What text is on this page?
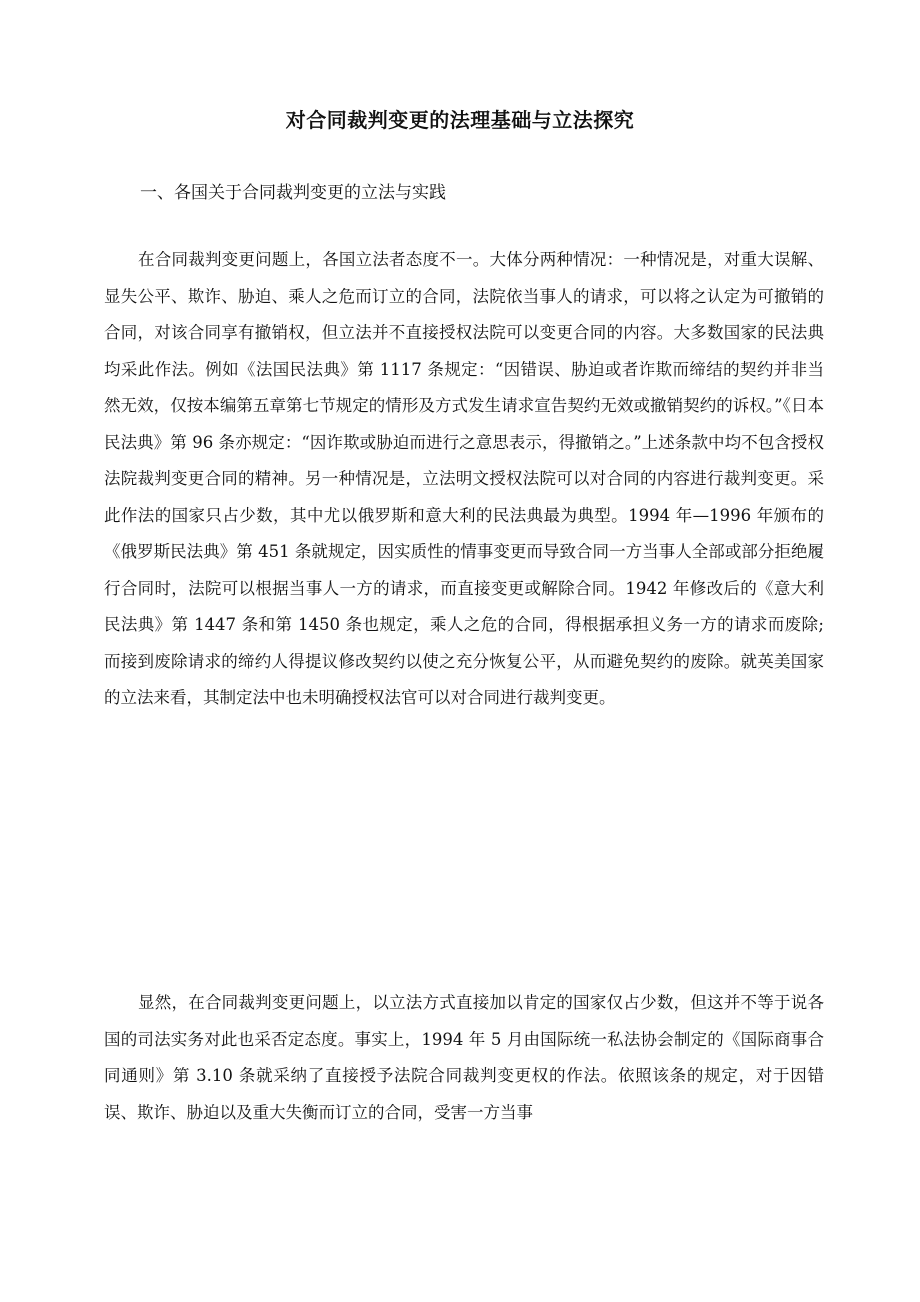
对合同裁判变更的法理基础与立法探究
一、各国关于合同裁判变更的立法与实践

在合同裁判变更问题上，各国立法者态度不一。大体分两种情况：一种情况是，对重大误解、显失公平、欺诈、胁迫、乘人之危而订立的合同，法院依当事人的请求，可以将之认定为可撤销的合同，对该合同享有撤销权，但立法并不直接授权法院可以变更合同的内容。大多数国家的民法典均采此作法。例如《法国民法典》第 1117 条规定：“因错误、胁迫或者诈欺而缔结的契约并非当然无效，仅按本编第五章第七节规定的情形及方式发生请求宣告契约无效或撤销契约的诉权。”《日本民法典》第 96 条亦规定：“因诈欺或胁迫而进行之意思表示，得撤销之。”上述条款中均不包含授权法院裁判变更合同的精神。另一种情况是，立法明文授权法院可以对合同的内容进行裁判变更。采此作法的国家只占少数，其中尤以俄罗斯和意大利的民法典最为典型。1994 年—1996 年颁布的《俄罗斯民法典》第 451 条就规定，因实质性的情事变更而导致合同一方当事人全部或部分拒绝履行合同时，法院可以根据当事人一方的请求，而直接变更或解除合同。1942 年修改后的《意大利民法典》第 1447 条和第 1450 条也规定，乘人之危的合同，得根据承担义务一方的请求而废除;而接到废除请求的缔约人得提议修改契约以使之充分恢复公平，从而避免契约的废除。就英美国家的立法来看，其制定法中也未明确授权法官可以对合同进行裁判变更。

显然，在合同裁判变更问题上，以立法方式直接加以肯定的国家仅占少数，但这并不等于说各国的司法实务对此也采否定态度。事实上，1994 年 5 月由国际统一私法协会制定的《国际商事合同通则》第 3.10 条就采纳了直接授予法院合同裁判变更权的作法。依照该条的规定，对于因错误、欺诈、胁迫以及重大失衡而订立的合同，受害一方当事
